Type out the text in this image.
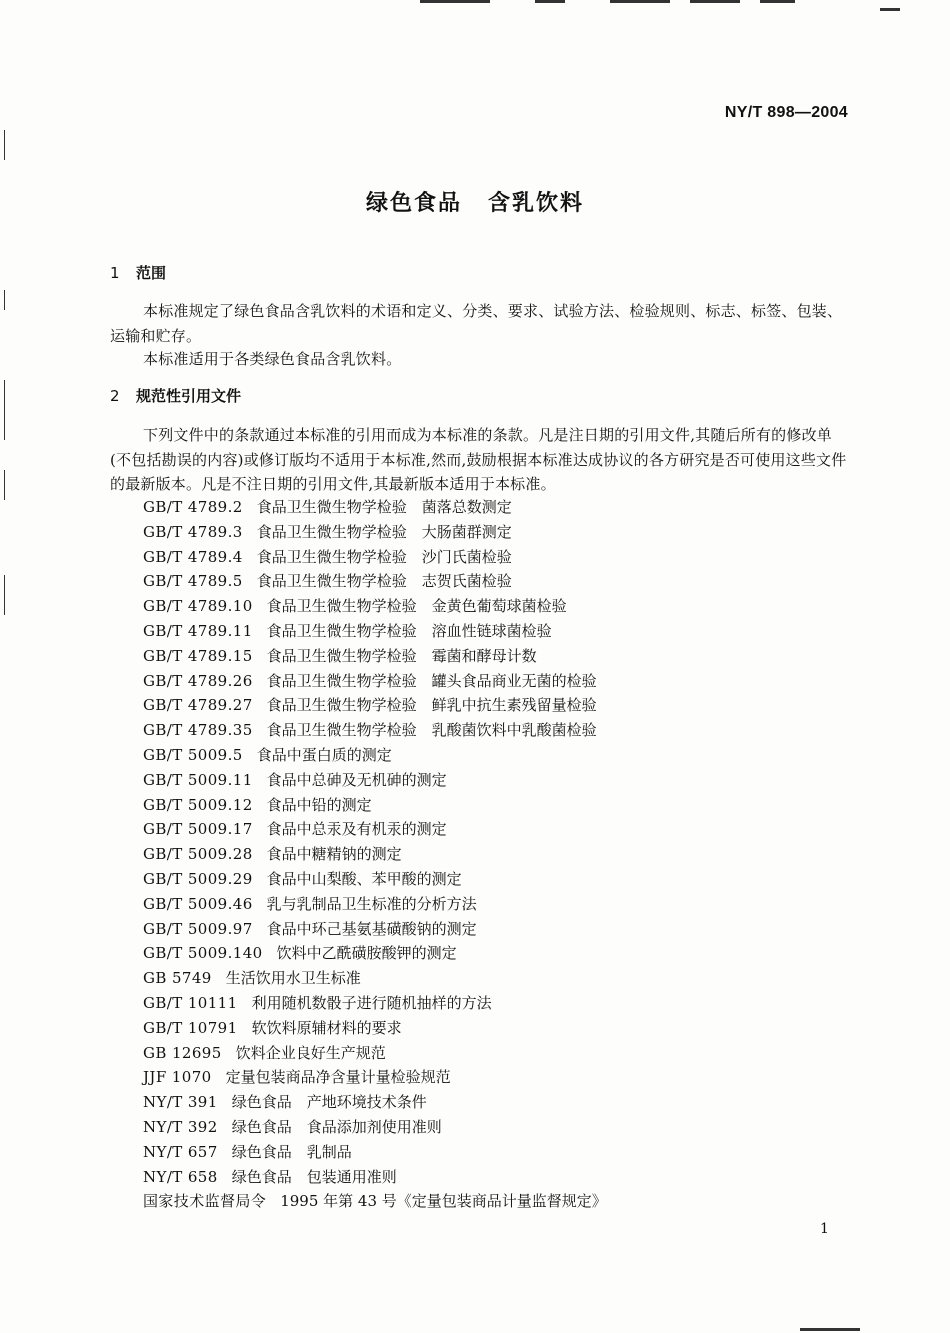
NY/T 898—2004
绿色食品 含乳饮料
1 范围
本标准规定了绿色食品含乳饮料的术语和定义、分类、要求、试验方法、检验规则、标志、标签、包装、运输和贮存。
本标准适用于各类绿色食品含乳饮料。
2 规范性引用文件
下列文件中的条款通过本标准的引用而成为本标准的条款。凡是注日期的引用文件,其随后所有的修改单(不包括勘误的内容)或修订版均不适用于本标准,然而,鼓励根据本标准达成协议的各方研究是否可使用这些文件的最新版本。凡是不注日期的引用文件,其最新版本适用于本标准。
GB/T 4789.2 食品卫生微生物学检验　菌落总数测定
GB/T 4789.3 食品卫生微生物学检验　大肠菌群测定
GB/T 4789.4 食品卫生微生物学检验　沙门氏菌检验
GB/T 4789.5 食品卫生微生物学检验　志贺氏菌检验
GB/T 4789.10 食品卫生微生物学检验　金黄色葡萄球菌检验
GB/T 4789.11 食品卫生微生物学检验　溶血性链球菌检验
GB/T 4789.15 食品卫生微生物学检验　霉菌和酵母计数
GB/T 4789.26 食品卫生微生物学检验　罐头食品商业无菌的检验
GB/T 4789.27 食品卫生微生物学检验　鲜乳中抗生素残留量检验
GB/T 4789.35 食品卫生微生物学检验　乳酸菌饮料中乳酸菌检验
GB/T 5009.5 食品中蛋白质的测定
GB/T 5009.11 食品中总砷及无机砷的测定
GB/T 5009.12 食品中铅的测定
GB/T 5009.17 食品中总汞及有机汞的测定
GB/T 5009.28 食品中糖精钠的测定
GB/T 5009.29 食品中山梨酸、苯甲酸的测定
GB/T 5009.46 乳与乳制品卫生标准的分析方法
GB/T 5009.97 食品中环己基氨基磺酸钠的测定
GB/T 5009.140 饮料中乙酰磺胺酸钾的测定
GB 5749 生活饮用水卫生标准
GB/T 10111 利用随机数骰子进行随机抽样的方法
GB/T 10791 软饮料原辅材料的要求
GB 12695 饮料企业良好生产规范
JJF 1070 定量包装商品净含量计量检验规范
NY/T 391 绿色食品　产地环境技术条件
NY/T 392 绿色食品　食品添加剂使用准则
NY/T 657 绿色食品　乳制品
NY/T 658 绿色食品　包装通用准则
国家技术监督局令 1995 年第 43 号《定量包装商品计量监督规定》
1
